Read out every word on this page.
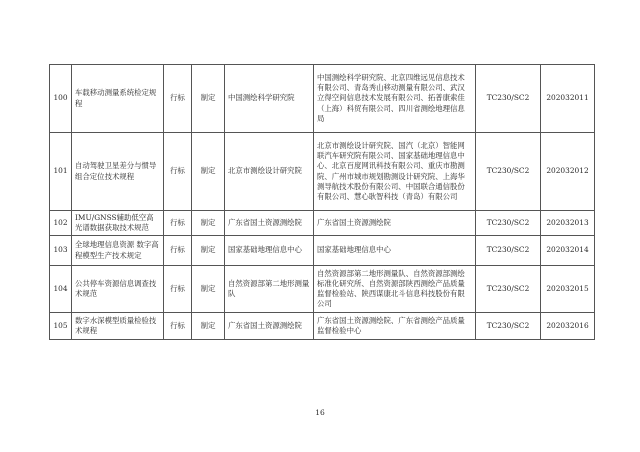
100	车载移动测量系统检定规程	行标	制定	中国测绘科学研究院	中国测绘科学研究院、北京四维远见信息技术有限公司、青岛秀山移动测量有限公司、武汉立得空间信息技术发展有限公司、拓普康索佳（上海）科贸有限公司、四川省测绘地理信息局	TC230/SC2	202032011
101	自动驾驶卫星差分与惯导组合定位技术规程	行标	制定	北京市测绘设计研究院	北京市测绘设计研究院、国汽（北京）智能网联汽车研究院有限公司、国家基础地理信息中心、北京百度网讯科技有限公司、重庆市勘测院、广州市城市规划勘测设计研究院、上海华测导航技术股份有限公司、中国联合通信股份有限公司、慧心耿智科技（青岛）有限公司	TC230/SC2	202032012
102	IMU/GNSS辅助低空高光谱数据获取技术规范	行标	制定	广东省国土资源测绘院	广东省国土资源测绘院	TC230/SC2	202032013
103	全球地理信息资源 数字高程模型生产技术规定	行标	制定	国家基础地理信息中心	国家基础地理信息中心	TC230/SC2	202032014
104	公共停车资源信息调查技术规范	行标	制定	自然资源部第二地形测量队	自然资源部第二地形测量队、自然资源部测绘标准化研究所、自然资源部陕西测绘产品质量监督检验站、陕西谋康北斗信息科技股份有限公司	TC230/SC2	202032015
105	数字水深模型质量检验技术规程	行标	制定	广东省国土资源测绘院	广东省国土资源测绘院、广东省测绘产品质量监督检验中心	TC230/SC2	202032016
16
